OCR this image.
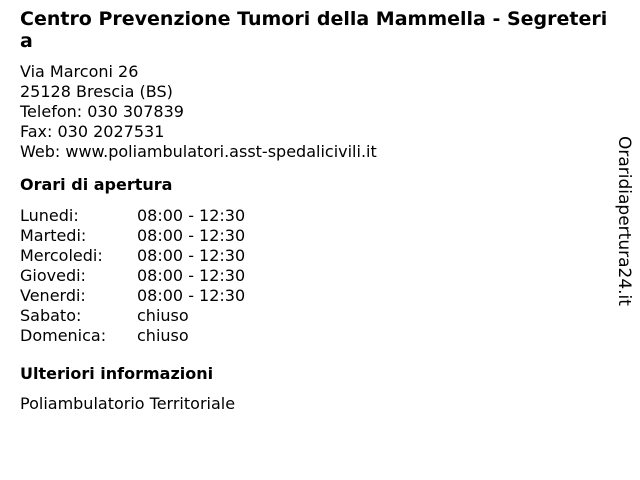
Centro Prevenzione Tumori della Mammella - Segreteria
Via Marconi 26
25128 Brescia (BS)
Telefon: 030 307839
Fax: 030 2027531
Web: www.poliambulatori.asst-spedalicivili.it
Orari di apertura
Lunedi:	08:00 - 12:30
Martedi:	08:00 - 12:30
Mercoledi:	08:00 - 12:30
Giovedi:	08:00 - 12:30
Venerdi:	08:00 - 12:30
Sabato:	chiuso
Domenica:	chiuso
Ulteriori informazioni
Poliambulatorio Territoriale
Oraridiapertura24.it
